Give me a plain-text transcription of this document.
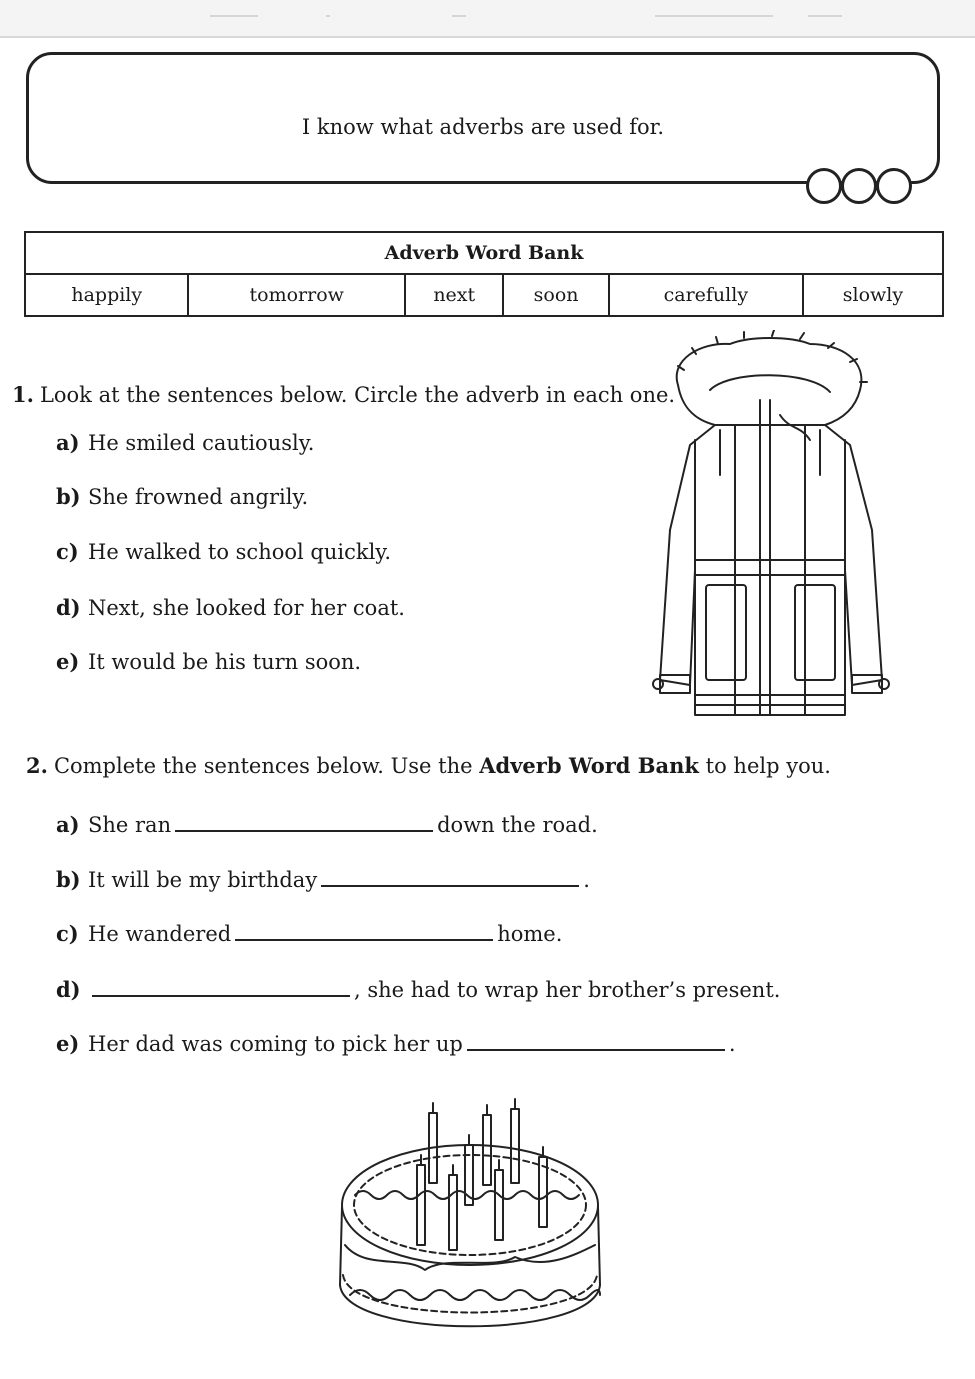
I know what adverbs are used for.
Adverb Word Bank
happily	tomorrow	next	soon	carefully	slowly
1. Look at the sentences below. Circle the adverb in each one.
a) He smiled cautiously.
b) She frowned angrily.
c) He walked to school quickly.
d) Next, she looked for her coat.
e) It would be his turn soon.
2. Complete the sentences below. Use the Adverb Word Bank to help you.
a) She ran	down the road.
b) It will be my birthday	.
c) He wandered	home.
d)	, she had to wrap her brother’s present.
e) Her dad was coming to pick her up	.
